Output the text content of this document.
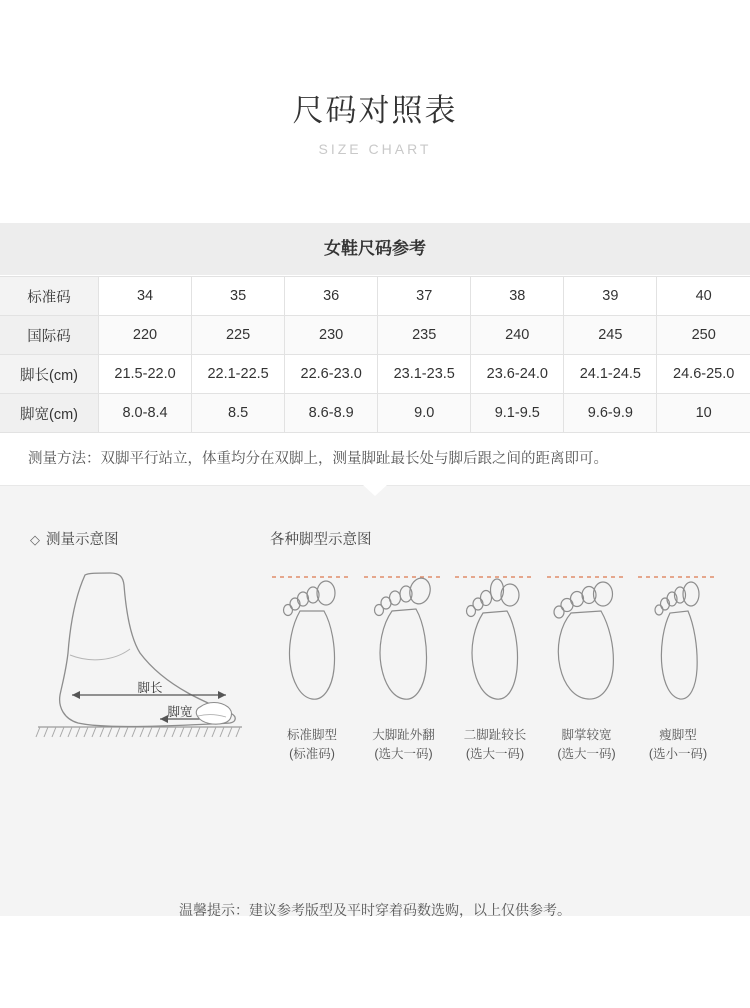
尺码对照表
SIZE CHART
女鞋尺码参考
标准码	34	35	36	37	38	39	40
国际码	220	225	230	235	240	245	250
脚长(cm)	21.5-22.0	22.1-22.5	22.6-23.0	23.1-23.5	23.6-24.0	24.1-24.5	24.6-25.0
脚宽(cm)	8.0-8.4	8.5	8.6-8.9	9.0	9.1-9.5	9.6-9.9	10
测量方法：双脚平行站立，体重均分在双脚上，测量脚趾最长处与脚后跟之间的距离即可。
◇ 测量示意图
脚长
脚宽
各种脚型示意图
标准脚型
(标准码)
大脚趾外翻
(选大一码)
二脚趾较长
(选大一码)
脚掌较宽
(选大一码)
瘦脚型
(选小一码)
温馨提示：建议参考版型及平时穿着码数选购，以上仅供参考。
